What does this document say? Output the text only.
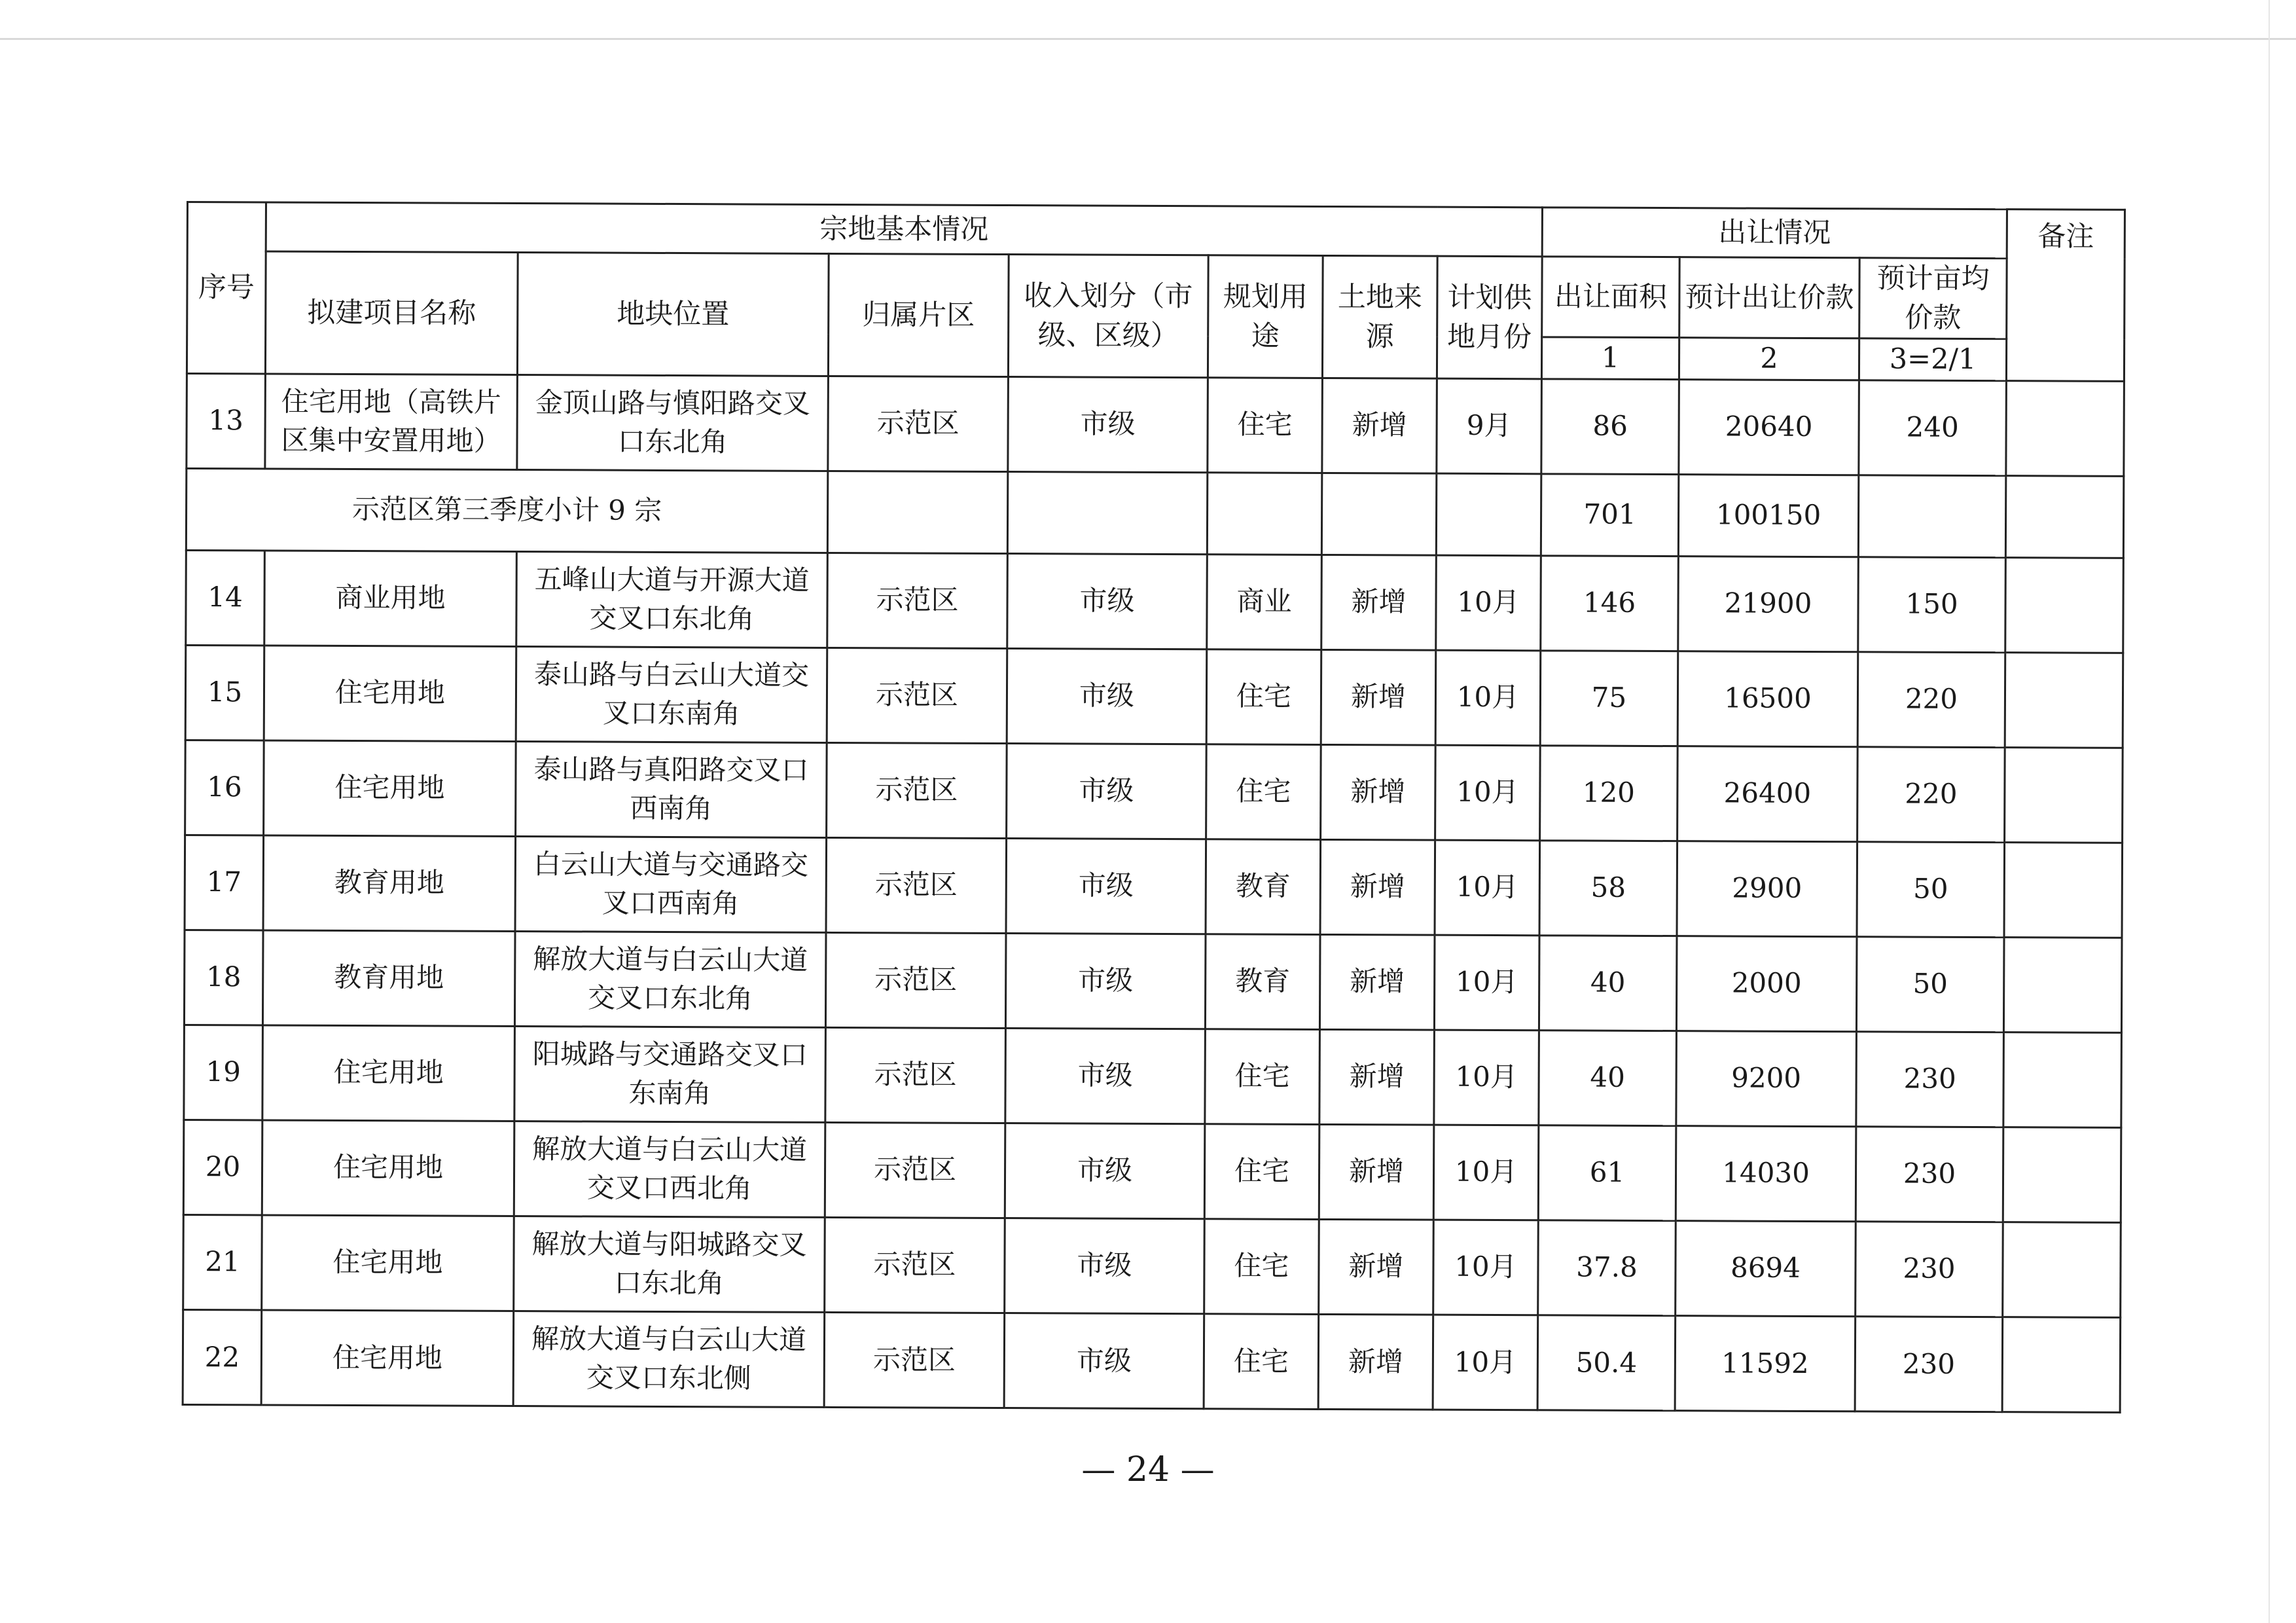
序号	宗地基本情况							出让情况			备注
	拟建项目名称	地块位置	归属片区	收入划分（市级、区级）	规划用途	土地来源	计划供地月份	出让面积	预计出让价款	预计亩均价款	
								1	2	3=2/1	
13	住宅用地（高铁片区集中安置用地）	金顶山路与慎阳路交叉口东北角	示范区	市级	住宅	新增	9月	86	20640	240	
示范区第三季度小计 9 宗								701	100150		
14	商业用地	五峰山大道与开源大道交叉口东北角	示范区	市级	商业	新增	10月	146	21900	150	
15	住宅用地	泰山路与白云山大道交叉口东南角	示范区	市级	住宅	新增	10月	75	16500	220	
16	住宅用地	泰山路与真阳路交叉口西南角	示范区	市级	住宅	新增	10月	120	26400	220	
17	教育用地	白云山大道与交通路交叉口西南角	示范区	市级	教育	新增	10月	58	2900	50	
18	教育用地	解放大道与白云山大道交叉口东北角	示范区	市级	教育	新增	10月	40	2000	50	
19	住宅用地	阳城路与交通路交叉口东南角	示范区	市级	住宅	新增	10月	40	9200	230	
20	住宅用地	解放大道与白云山大道交叉口西北角	示范区	市级	住宅	新增	10月	61	14030	230	
21	住宅用地	解放大道与阳城路交叉口东北角	示范区	市级	住宅	新增	10月	37.8	8694	230	
22	住宅用地	解放大道与白云山大道交叉口东北侧	示范区	市级	住宅	新增	10月	50.4	11592	230	
— 24 —
